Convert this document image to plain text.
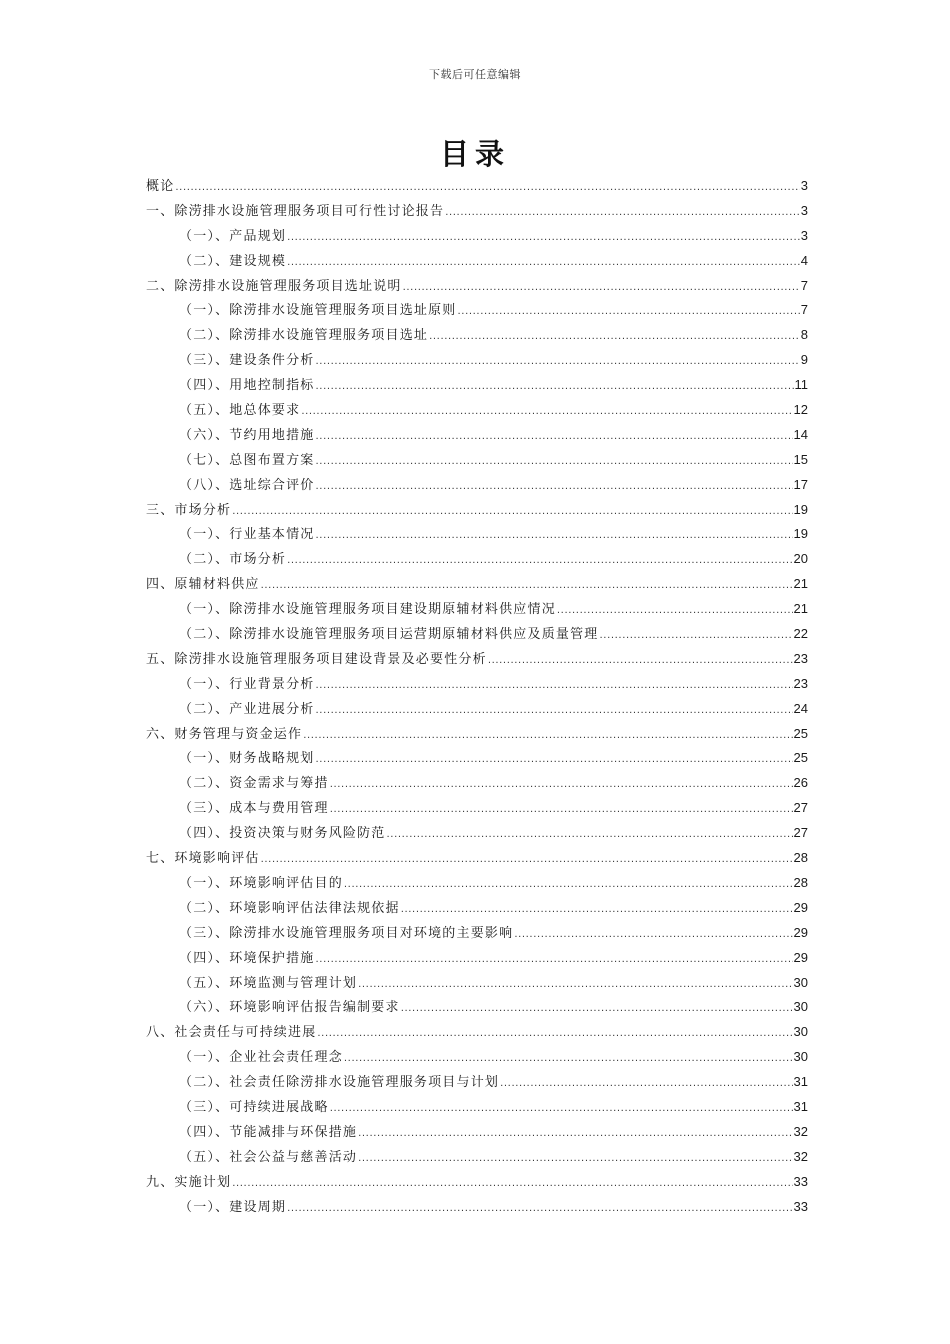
下载后可任意编辑
目录
概论 .....	3
一、除涝排水设施管理服务项目可行性讨论报告 .....	3
（一）、产品规划 .....	3
（二）、建设规模 .....	4
二、除涝排水设施管理服务项目选址说明 .....	7
（一）、除涝排水设施管理服务项目选址原则 .....	7
（二）、除涝排水设施管理服务项目选址 .....	8
（三）、建设条件分析 .....	9
（四）、用地控制指标 .....	11
（五）、地总体要求 .....	12
（六）、节约用地措施 .....	14
（七）、总图布置方案 .....	15
（八）、选址综合评价 .....	17
三、市场分析 .....	19
（一）、行业基本情况 .....	19
（二）、市场分析 .....	20
四、原辅材料供应 .....	21
（一）、除涝排水设施管理服务项目建设期原辅材料供应情况 .....	21
（二）、除涝排水设施管理服务项目运营期原辅材料供应及质量管理 .....	22
五、除涝排水设施管理服务项目建设背景及必要性分析 .....	23
（一）、行业背景分析 .....	23
（二）、产业进展分析 .....	24
六、财务管理与资金运作 .....	25
（一）、财务战略规划 .....	25
（二）、资金需求与筹措 .....	26
（三）、成本与费用管理 .....	27
（四）、投资决策与财务风险防范 .....	27
七、环境影响评估 .....	28
（一）、环境影响评估目的 .....	28
（二）、环境影响评估法律法规依据 .....	29
（三）、除涝排水设施管理服务项目对环境的主要影响 .....	29
（四）、环境保护措施 .....	29
（五）、环境监测与管理计划 .....	30
（六）、环境影响评估报告编制要求 .....	30
八、社会责任与可持续进展 .....	30
（一）、企业社会责任理念 .....	30
（二）、社会责任除涝排水设施管理服务项目与计划 .....	31
（三）、可持续进展战略 .....	31
（四）、节能减排与环保措施 .....	32
（五）、社会公益与慈善活动 .....	32
九、实施计划 .....	33
（一）、建设周期 .....	33
